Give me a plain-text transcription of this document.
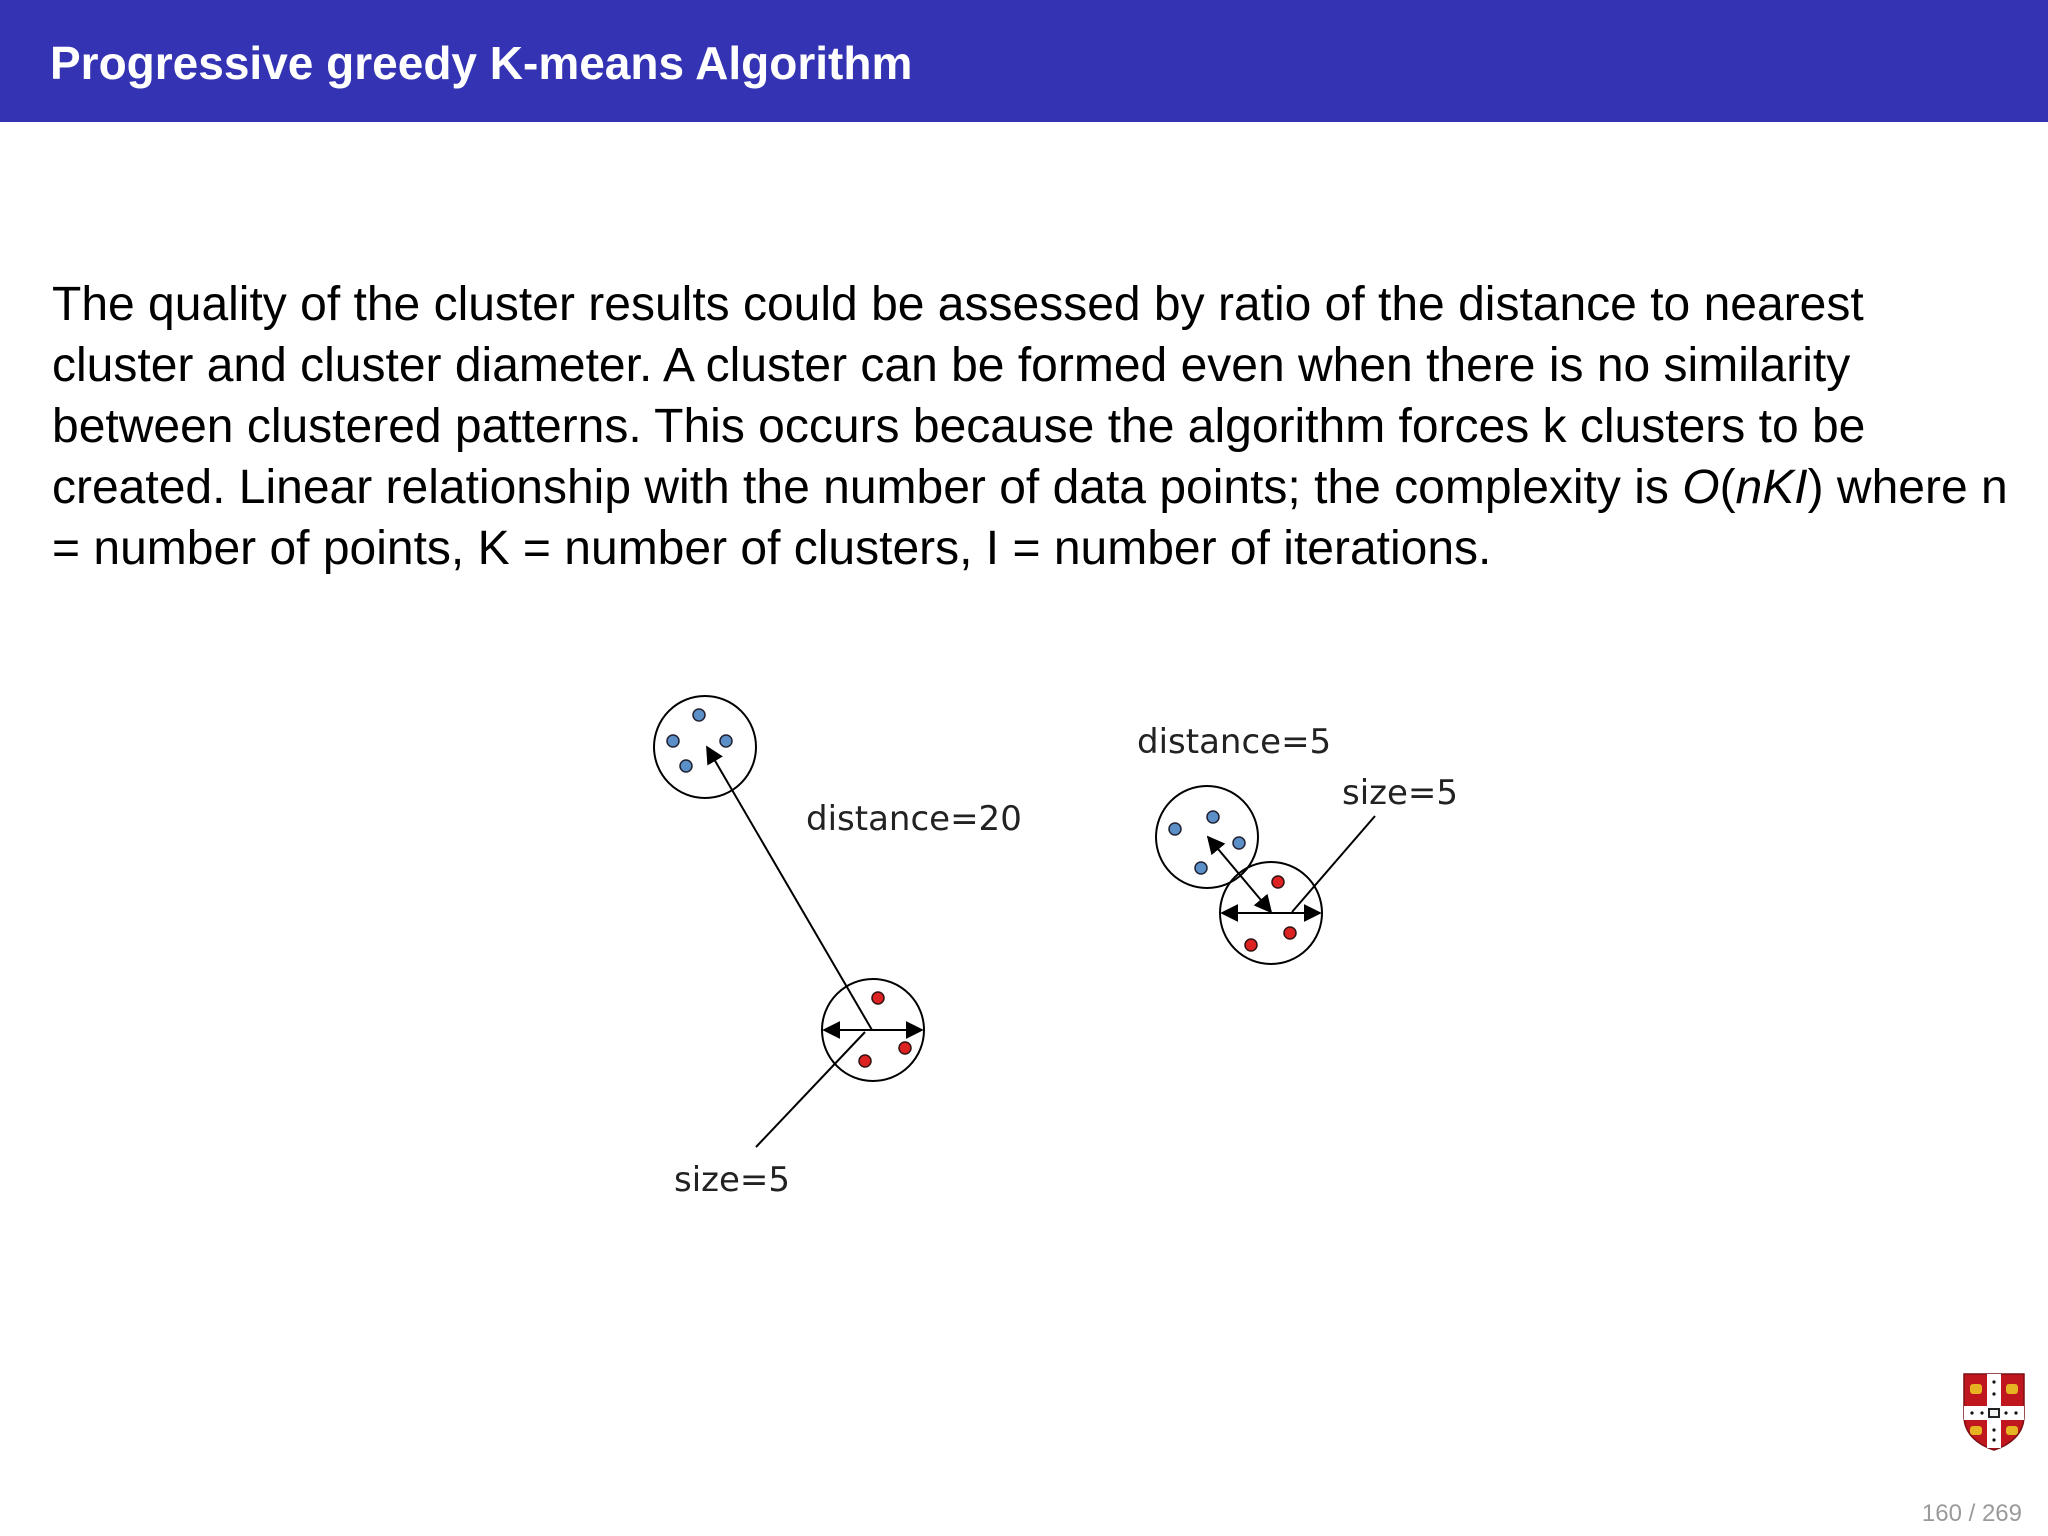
Progressive greedy K-means Algorithm
The quality of the cluster results could be assessed by ratio of the distance to nearest cluster and cluster diameter. A cluster can be formed even when there is no similarity between clustered patterns. This occurs because the algorithm forces k clusters to be created. Linear relationship with the number of data points; the complexity is O(nKI) where n = number of points, K = number of clusters, I = number of iterations.
distance=20
size=5
distance=5
size=5
160 / 269
